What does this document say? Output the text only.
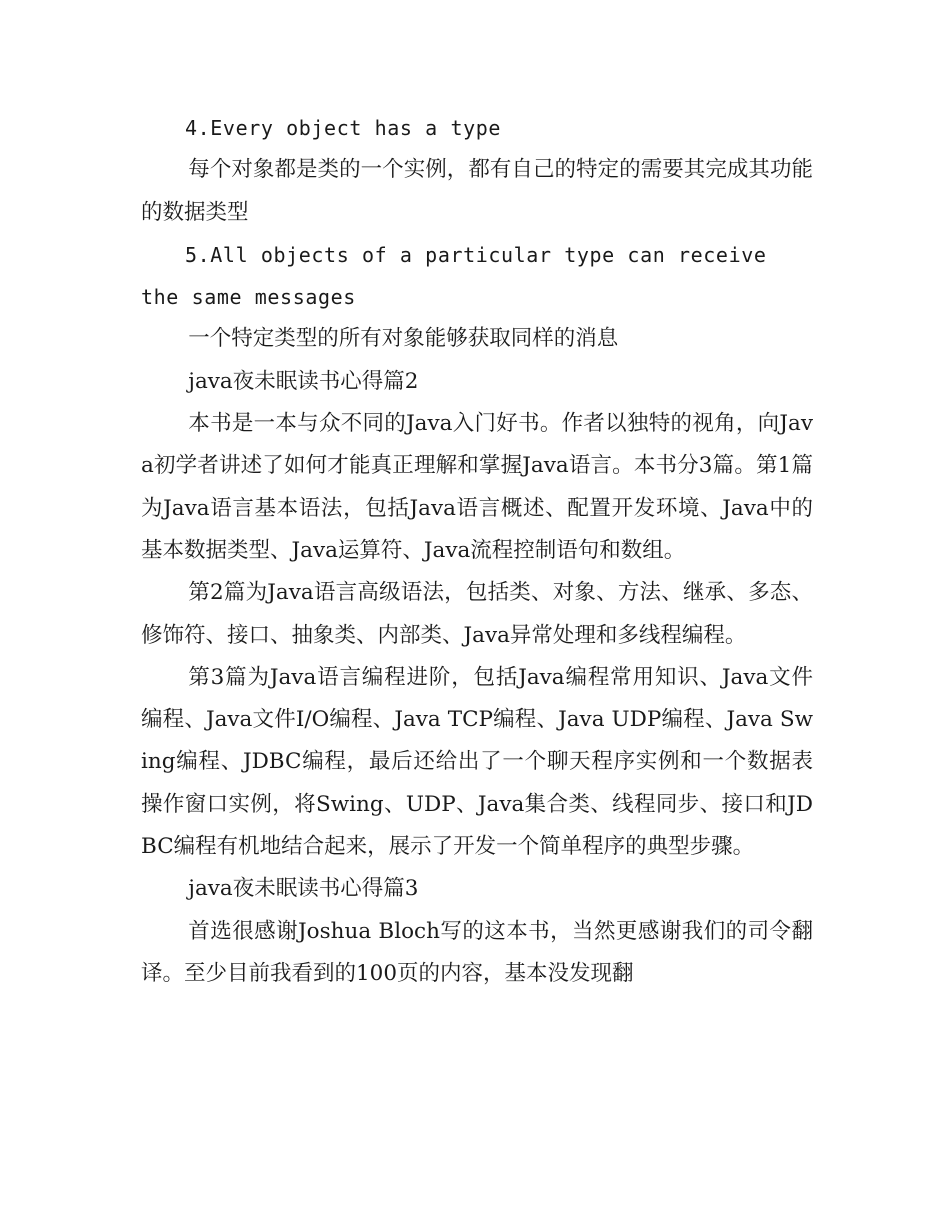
4.Every object has a type

每个对象都是类的一个实例，都有自己的特定的需要其完成其功能的数据类型

5.All objects of a particular type can receive the same messages

一个特定类型的所有对象能够获取同样的消息

java夜未眠读书心得篇2

本书是一本与众不同的Java入门好书。作者以独特的视角，向Java初学者讲述了如何才能真正理解和掌握Java语言。本书分3篇。第1篇为Java语言基本语法，包括Java语言概述、配置开发环境、Java中的基本数据类型、Java运算符、Java流程控制语句和数组。

第2篇为Java语言高级语法，包括类、对象、方法、继承、多态、修饰符、接口、抽象类、内部类、Java异常处理和多线程编程。

第3篇为Java语言编程进阶，包括Java编程常用知识、Java文件编程、Java文件I/O编程、Java TCP编程、Java UDP编程、Java Swing编程、JDBC编程，最后还给出了一个聊天程序实例和一个数据表操作窗口实例，将Swing、UDP、Java集合类、线程同步、接口和JDBC编程有机地结合起来，展示了开发一个简单程序的典型步骤。

java夜未眠读书心得篇3

首选很感谢Joshua Bloch写的这本书，当然更感谢我们的司令翻译。至少目前我看到的100页的内容，基本没发现翻
